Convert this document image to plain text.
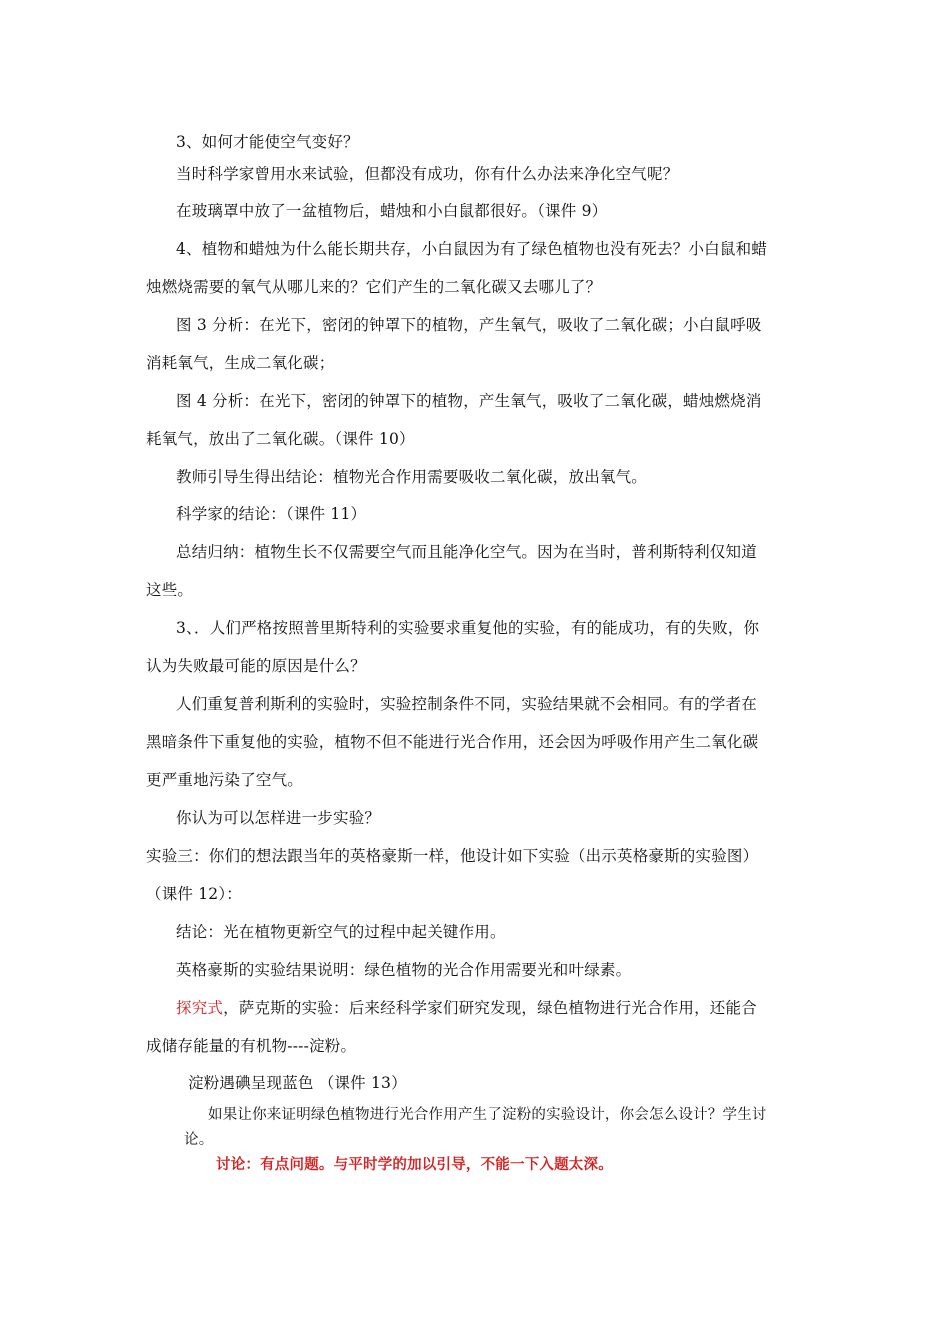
3、如何才能使空气变好？
当时科学家曾用水来试验，但都没有成功，你有什么办法来净化空气呢？
在玻璃罩中放了一盆植物后，蜡烛和小白鼠都很好。（课件 9）
4、植物和蜡烛为什么能长期共存，小白鼠因为有了绿色植物也没有死去？小白鼠和蜡
烛燃烧需要的氧气从哪儿来的？它们产生的二氧化碳又去哪儿了？
图 3 分析：在光下，密闭的钟罩下的植物，产生氧气，吸收了二氧化碳；小白鼠呼吸
消耗氧气，生成二氧化碳；
图 4 分析：在光下，密闭的钟罩下的植物，产生氧气，吸收了二氧化碳，蜡烛燃烧消
耗氧气，放出了二氧化碳。（课件 10）
教师引导生得出结论：植物光合作用需要吸收二氧化碳，放出氧气。
科学家的结论：（课件 11）
总结归纳：植物生长不仅需要空气而且能净化空气。因为在当时，普利斯特利仅知道
这些。
3、．人们严格按照普里斯特利的实验要求重复他的实验，有的能成功，有的失败，你
认为失败最可能的原因是什么？
人们重复普利斯利的实验时，实验控制条件不同，实验结果就不会相同。有的学者在
黑暗条件下重复他的实验，植物不但不能进行光合作用，还会因为呼吸作用产生二氧化碳
更严重地污染了空气。
你认为可以怎样进一步实验？
实验三：你们的想法跟当年的英格豪斯一样，他设计如下实验（出示英格豪斯的实验图）
（课件 12）：
结论：光在植物更新空气的过程中起关键作用。
英格豪斯的实验结果说明：绿色植物的光合作用需要光和叶绿素。
探究式，萨克斯的实验：后来经科学家们研究发现，绿色植物进行光合作用，还能合
成储存能量的有机物----淀粉。
淀粉遇碘呈现蓝色 （课件 13）
如果让你来证明绿色植物进行光合作用产生了淀粉的实验设计，你会怎么设计？学生讨
论。
讨论：有点问题。与平时学的加以引导，不能一下入题太深。
